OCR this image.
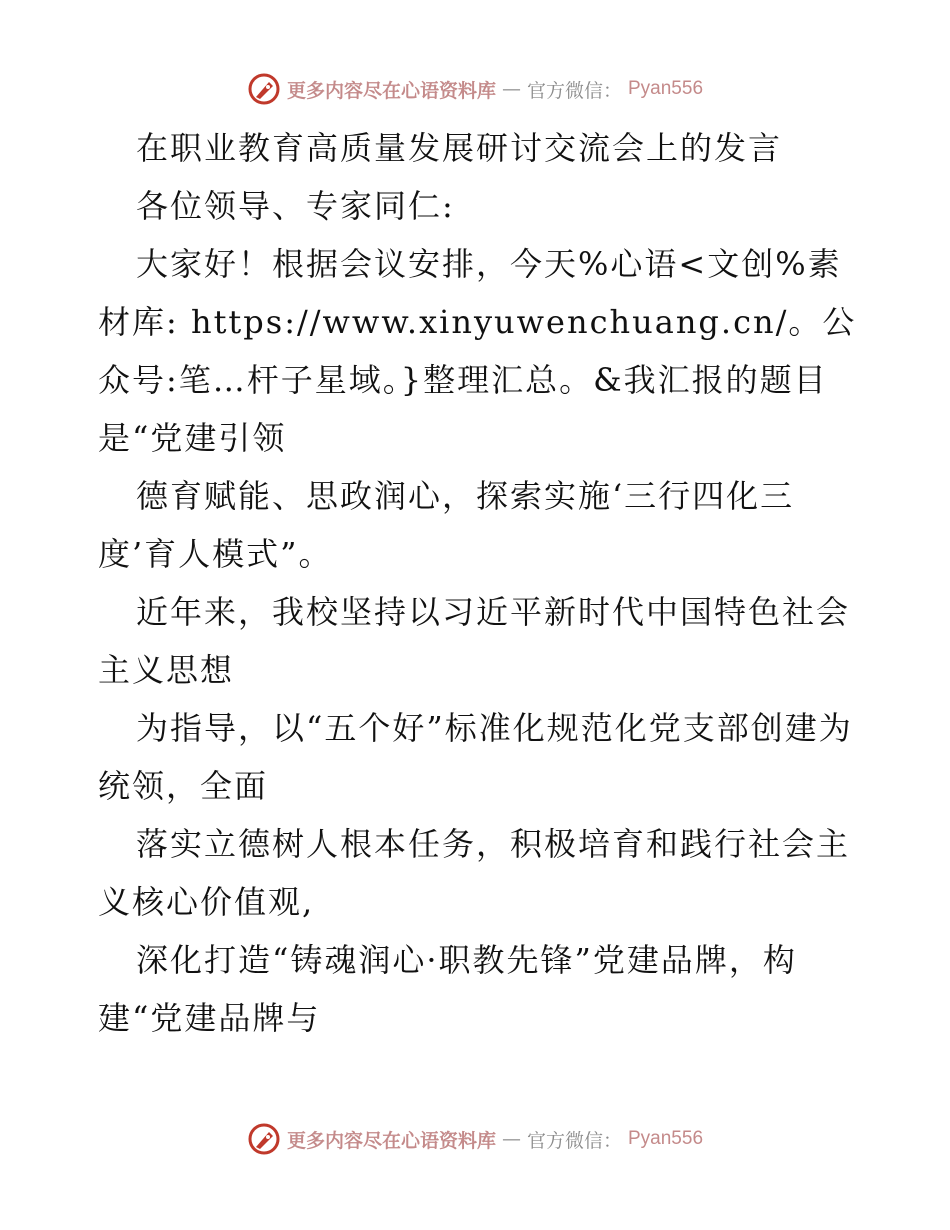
更多内容尽在心语资料库 — 官方微信： Pyan556

在职业教育高质量发展研讨交流会上的发言

各位领导、专家同仁:

大家好！根据会议安排，今天%心语<文创%素材库: https://www.xinyuwenchuang.cn/。公众号:笔…杆子星域。}整理汇总。&我汇报的题目是“党建引领

德育赋能、思政润心，探索实施‘三行四化三度’育人模式”。

近年来，我校坚持以习近平新时代中国特色社会主义思想

为指导，以“五个好”标准化规范化党支部创建为统领，全面

落实立德树人根本任务，积极培育和践行社会主义核心价值观,

深化打造“铸魂润心·职教先锋”党建品牌，构建“党建品牌与

更多内容尽在心语资料库 — 官方微信： Pyan556
